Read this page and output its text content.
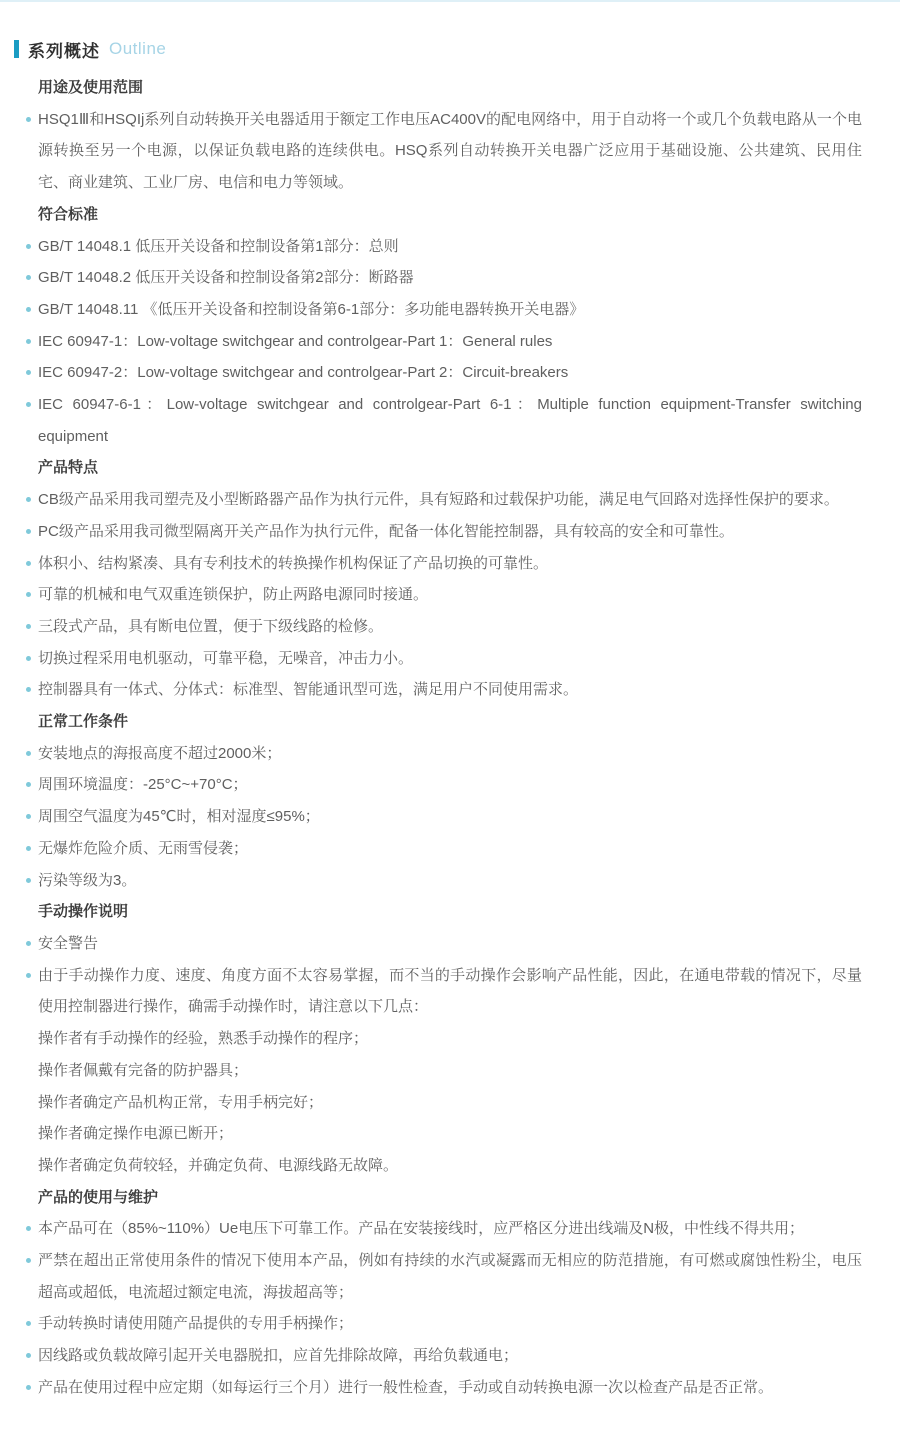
系列概述 Outline
用途及使用范围
HSQ1Ⅲ和HSQIj系列自动转换开关电器适用于额定工作电压AC400V的配电网络中，用于自动将一个或几个负载电路从一个电源转换至另一个电源，以保证负载电路的连续供电。HSQ系列自动转换开关电器广泛应用于基础设施、公共建筑、民用住宅、商业建筑、工业厂房、电信和电力等领域。
符合标准
GB/T 14048.1 低压开关设备和控制设备第1部分：总则
GB/T 14048.2 低压开关设备和控制设备第2部分：断路器
GB/T 14048.11 《低压开关设备和控制设备第6-1部分：多功能电器转换开关电器》
IEC 60947-1：Low-voltage switchgear and controlgear-Part 1：General rules
IEC 60947-2：Low-voltage switchgear and controlgear-Part 2：Circuit-breakers
IEC 60947-6-1：Low-voltage switchgear and controlgear-Part 6-1：Multiple function equipment-Transfer switching equipment
产品特点
CB级产品采用我司塑壳及小型断路器产品作为执行元件，具有短路和过载保护功能，满足电气回路对选择性保护的要求。
PC级产品采用我司微型隔离开关产品作为执行元件，配备一体化智能控制器，具有较高的安全和可靠性。
体积小、结构紧凑、具有专利技术的转换操作机构保证了产品切换的可靠性。
可靠的机械和电气双重连锁保护，防止两路电源同时接通。
三段式产品，具有断电位置，便于下级线路的检修。
切换过程采用电机驱动，可靠平稳，无噪音，冲击力小。
控制器具有一体式、分体式：标准型、智能通讯型可选，满足用户不同使用需求。
正常工作条件
安装地点的海报高度不超过2000米；
周围环境温度：-25°C~+70°C；
周围空气温度为45℃时，相对湿度≤95%；
无爆炸危险介质、无雨雪侵袭；
污染等级为3。
手动操作说明
安全警告
由于手动操作力度、速度、角度方面不太容易掌握，而不当的手动操作会影响产品性能，因此，在通电带载的情况下，尽量使用控制器进行操作，确需手动操作时，请注意以下几点：
操作者有手动操作的经验，熟悉手动操作的程序；
操作者佩戴有完备的防护器具；
操作者确定产品机构正常，专用手柄完好；
操作者确定操作电源已断开；
操作者确定负荷较轻，并确定负荷、电源线路无故障。
产品的使用与维护
本产品可在（85%~110%）Ue电压下可靠工作。产品在安装接线时，应严格区分进出线端及N极，中性线不得共用；
严禁在超出正常使用条件的情况下使用本产品，例如有持续的水汽或凝露而无相应的防范措施，有可燃或腐蚀性粉尘，电压超高或超低，电流超过额定电流，海拔超高等；
手动转换时请使用随产品提供的专用手柄操作；
因线路或负载故障引起开关电器脱扣，应首先排除故障，再给负载通电；
产品在使用过程中应定期（如每运行三个月）进行一般性检查，手动或自动转换电源一次以检查产品是否正常。
